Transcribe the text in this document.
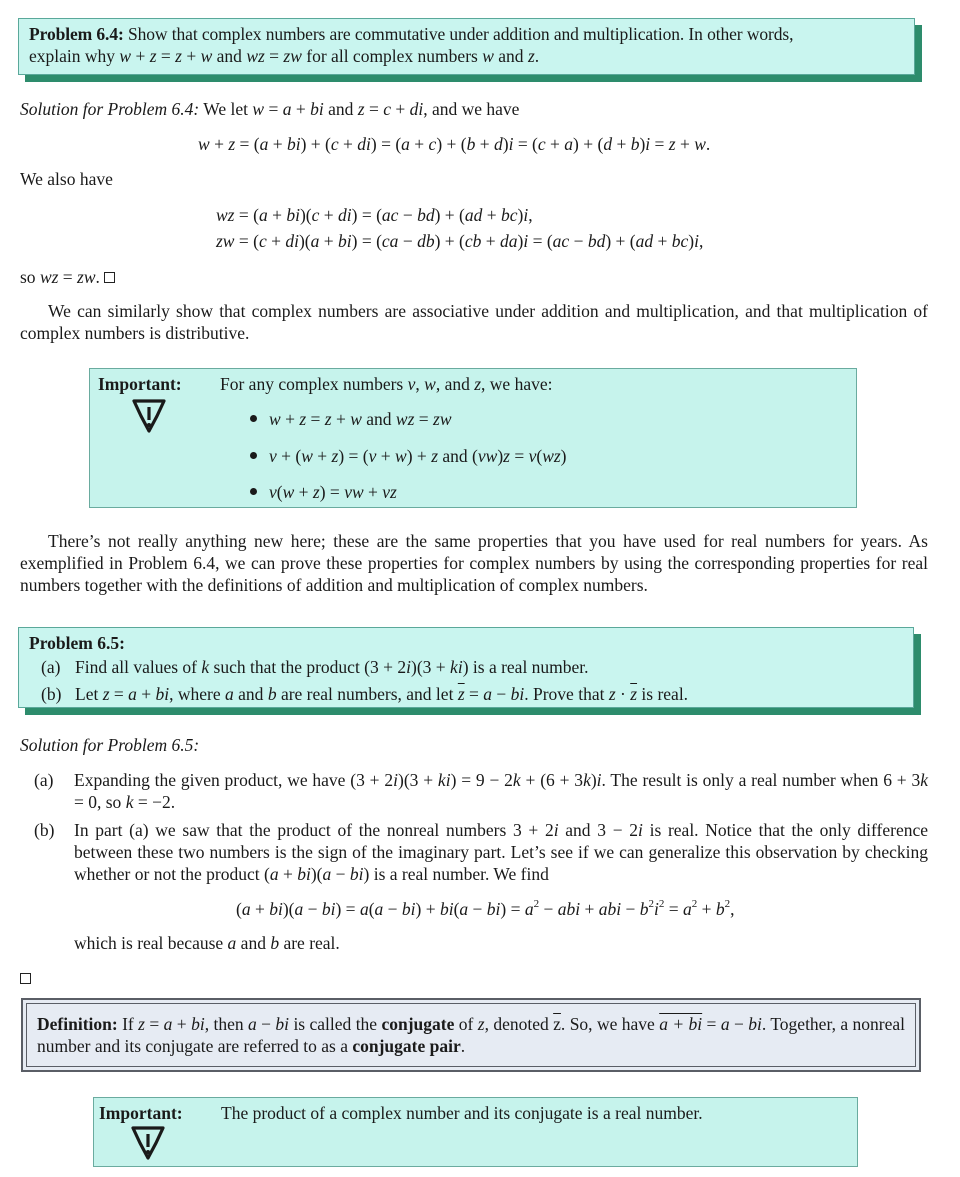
Problem 6.4: Show that complex numbers are commutative under addition and multiplication. In other words,
explain why w + z = z + w and wz = zw for all complex numbers w and z.
Solution for Problem 6.4: We let w = a + bi and z = c + di, and we have
w + z = (a + bi) + (c + di) = (a + c) + (b + d)i = (c + a) + (d + b)i = z + w.
We also have
wz = (a + bi)(c + di) = (ac − bd) + (ad + bc)i,
zw = (c + di)(a + bi) = (ca − db) + (cb + da)i = (ac − bd) + (ad + bc)i,
so wz = zw.
We can similarly show that complex numbers are associative under addition and multiplication, and that multiplication of complex numbers is distributive.
Important: For any complex numbers v, w, and z, we have:
w + z = z + w and wz = zw
v + (w + z) = (v + w) + z and (vw)z = v(wz)
v(w + z) = vw + vz
There’s not really anything new here; these are the same properties that you have used for real numbers for years. As exemplified in Problem 6.4, we can prove these properties for complex numbers by using the corresponding properties for real numbers together with the definitions of addition and multiplication of complex numbers.
Problem 6.5:
(a) Find all values of k such that the product (3 + 2i)(3 + ki) is a real number.
(b) Let z = a + bi, where a and b are real numbers, and let $\overline{z} = a$ − bi. Prove that $z \cdot \overline{z}$ is real.
Solution for Problem 6.5:
(a) Expanding the given product, we have (3 + 2i)(3 + ki) = 9 − 2k + (6 + 3k)i. The result is only a real number when 6 + 3k = 0, so k = −2.
(b) In part (a) we saw that the product of the nonreal numbers 3 + 2i and 3 − 2i is real. Notice that the only difference between these two numbers is the sign of the imaginary part. Let’s see if we can generalize this observation by checking whether or not the product (a + bi)(a − bi) is a real number. We find
$(a + bi)(a - bi) = a(a - bi) + bi(a - bi) = a^2$ − abi + abi − $b^2i^2 = a^2 + b^2$,
which is real because a and b are real.
Definition: If z = a + bi, then a − bi is called the conjugate of z, denoted $\overline{z}$. So, we have a + bi = a − bi. Together, a nonreal number and its conjugate are referred to as a conjugate pair.
Important: The product of a complex number and its conjugate is a real number.
